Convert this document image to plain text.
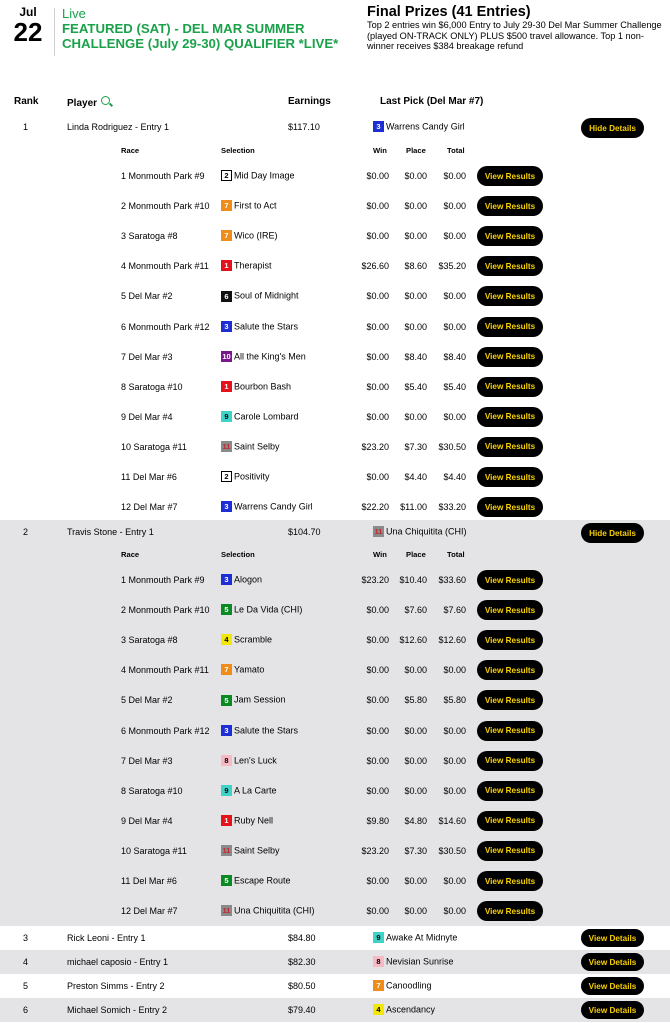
Jul
22
Live
FEATURED (SAT) - DEL MAR SUMMER CHALLENGE (July 29-30) QUALIFIER *LIVE*
Final Prizes (41 Entries)
Top 2 entries win $6,000 Entry to July 29-30 Del Mar Summer Challenge (played ON-TRACK ONLY) PLUS $500 travel allowance. Top 1 non-winner receives $384 breakage refund
Rank	Player	Earnings	Last Pick (Del Mar #7)
1	Linda Rodriguez - Entry 1	$117.10	3 Warrens Candy Girl	Hide Details
Race	Selection	Win	Place	Total
1 Monmouth Park #9	2 Mid Day Image	$0.00 $0.00 $0.00	View Results
2 Monmouth Park #10	7 First to Act	$0.00 $0.00 $0.00	View Results
3 Saratoga #8	7 Wico (IRE)	$0.00 $0.00 $0.00	View Results
4 Monmouth Park #11	1 Therapist	$26.60 $8.60 $35.20	View Results
5 Del Mar #2	6 Soul of Midnight	$0.00 $0.00 $0.00	View Results
6 Monmouth Park #12	3 Salute the Stars	$0.00 $0.00 $0.00	View Results
7 Del Mar #3	10 All the King's Men	$0.00 $8.40 $8.40	View Results
8 Saratoga #10	1 Bourbon Bash	$0.00 $5.40 $5.40	View Results
9 Del Mar #4	9 Carole Lombard	$0.00 $0.00 $0.00	View Results
10 Saratoga #11	11 Saint Selby	$23.20 $7.30 $30.50	View Results
11 Del Mar #6	2 Positivity	$0.00 $4.40 $4.40	View Results
12 Del Mar #7	3 Warrens Candy Girl	$22.20 $11.00 $33.20	View Results
2	Travis Stone - Entry 1	$104.70	11 Una Chiquitita (CHI)	Hide Details
Race	Selection	Win	Place	Total
1 Monmouth Park #9	3 Alogon	$23.20 $10.40 $33.60	View Results
2 Monmouth Park #10	5 Le Da Vida (CHI)	$0.00 $7.60 $7.60	View Results
3 Saratoga #8	4 Scramble	$0.00 $12.60 $12.60	View Results
4 Monmouth Park #11	7 Yamato	$0.00 $0.00 $0.00	View Results
5 Del Mar #2	5 Jam Session	$0.00 $5.80 $5.80	View Results
6 Monmouth Park #12	3 Salute the Stars	$0.00 $0.00 $0.00	View Results
7 Del Mar #3	8 Len's Luck	$0.00 $0.00 $0.00	View Results
8 Saratoga #10	9 A La Carte	$0.00 $0.00 $0.00	View Results
9 Del Mar #4	1 Ruby Nell	$9.80 $4.80 $14.60	View Results
10 Saratoga #11	11 Saint Selby	$23.20 $7.30 $30.50	View Results
11 Del Mar #6	5 Escape Route	$0.00 $0.00 $0.00	View Results
12 Del Mar #7	11 Una Chiquitita (CHI)	$0.00 $0.00 $0.00	View Results
3	Rick Leoni - Entry 1	$84.80	9 Awake At Midnyte	View Details
4	michael caposio - Entry 1	$82.30	8 Nevisian Sunrise	View Details
5	Preston Simms - Entry 2	$80.50	7 Canoodling	View Details
6	Michael Somich - Entry 2	$79.40	4 Ascendancy	View Details
